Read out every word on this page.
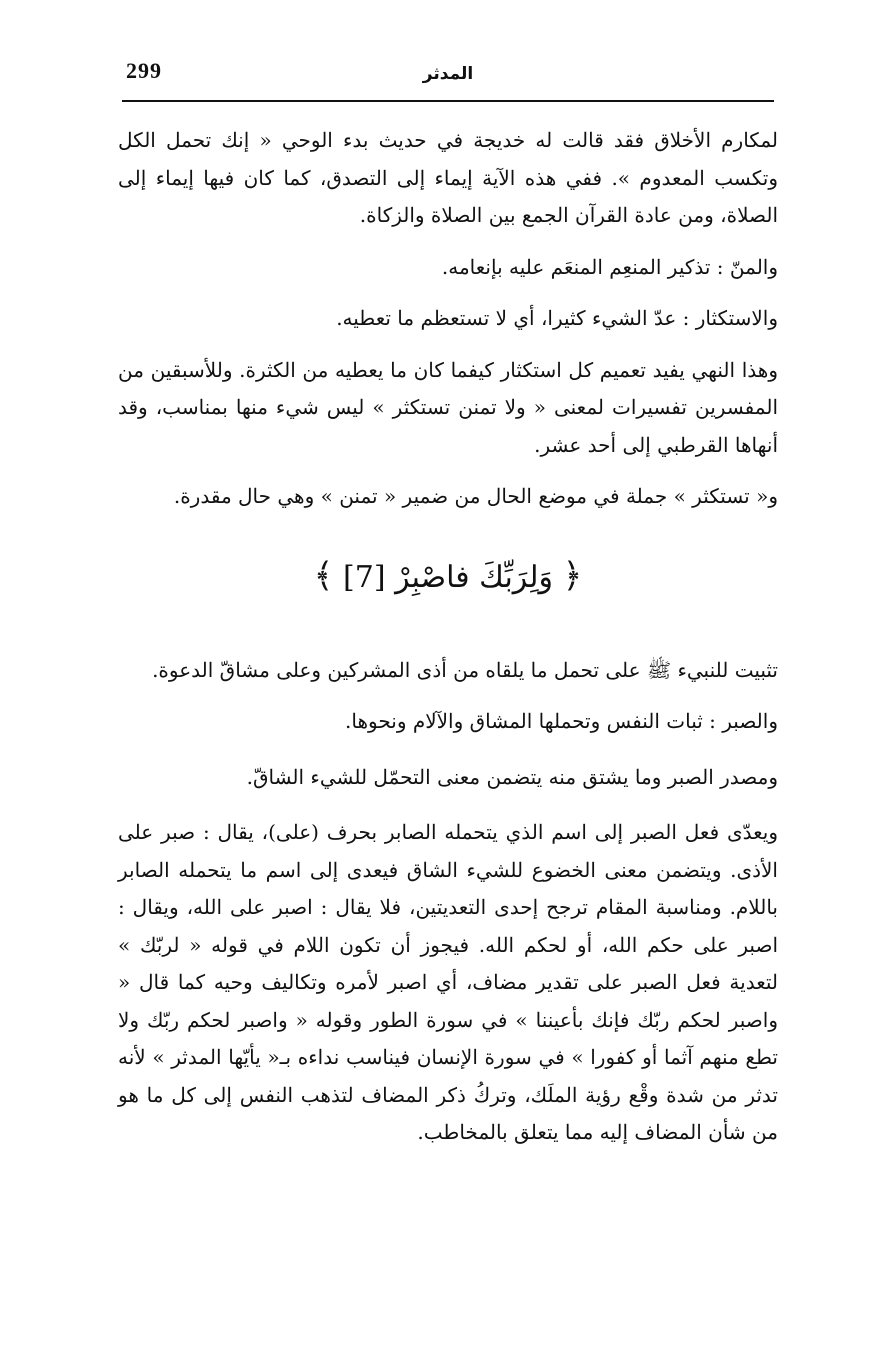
299	المدثر

لمكارم الأخلاق فقد قالت له خديجة في حديث بدء الوحي « إنك تحمل الكل وتكسب المعدوم ». ففي هذه الآية إيماء إلى التصدق، كما كان فيها إيماء إلى الصلاة، ومن عادة القرآن الجمع بين الصلاة والزكاة.

والمنّ : تذكير المنعِم المنعَم عليه بإنعامه.

والاستكثار : عدّ الشيء كثيرا، أي لا تستعظم ما تعطيه.

وهذا النهي يفيد تعميم كل استكثار كيفما كان ما يعطيه من الكثرة. وللأسبقين من المفسرين تفسيرات لمعنى « ولا تمنن تستكثر » ليس شيء منها بمناسب، وقد أنهاها القرطبي إلى أحد عشر.

و« تستكثر » جملة في موضع الحال من ضمير « تمنن » وهي حال مقدرة.

﴿ وَلِرَبِّكَ فاصْبِرْ [7] ﴾

تثبيت للنبيء ﷺ على تحمل ما يلقاه من أذى المشركين وعلى مشاقّ الدعوة.

والصبر : ثبات النفس وتحملها المشاق والآلام ونحوها.

ومصدر الصبر وما يشتق منه يتضمن معنى التحمّل للشيء الشاقّ.

ويعدّى فعل الصبر إلى اسم الذي يتحمله الصابر بحرف (على)، يقال : صبر على الأذى. ويتضمن معنى الخضوع للشيء الشاق فيعدى إلى اسم ما يتحمله الصابر باللام. ومناسبة المقام ترجح إحدى التعديتين، فلا يقال : اصبر على الله، ويقال : اصبر على حكم الله، أو لحكم الله. فيجوز أن تكون اللام في قوله « لربّك » لتعدية فعل الصبر على تقدير مضاف، أي اصبر لأمره وتكاليف وحيه كما قال « واصبر لحكم ربّك فإنك بأعيننا » في سورة الطور وقوله « واصبر لحكم ربّك ولا تطع منهم آثما أو كفورا » في سورة الإنسان فيناسب نداءه بـ« يأيّها المدثر » لأنه تدثر من شدة وقْع رؤية الملَك، وتركُ ذكر المضاف لتذهب النفس إلى كل ما هو من شأن المضاف إليه مما يتعلق بالمخاطب.
